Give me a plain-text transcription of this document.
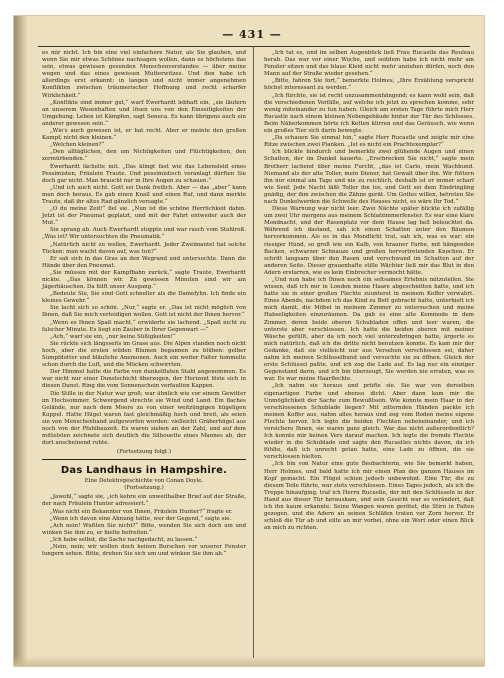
— 431 —

es mir nicht. Ich bin eine viel einfachere Natur, als Sie glauben, und wenn Sie mir etwas Schönes nachsagen wollen, dann es höchstens das sein, etwas gewissen gesunden Menschenverstandes — über meine wegen und das eines gewissen Mutterwitzes. Und den habe ich allerdings erst erkannt: in langen und nicht immer angenehmen Konflikten zwischen träumerischer Hoffnung und recht scharfer Wirklichkeit.“

„Konflikte sind immer gut,“ warf Ewerhardt lebhaft ein, „sie läutern an unserem Wesenhaften und lösen uns von den Einseitigkeiten der Umgebung. Leben ist Kämpfen, sagt Seneca. Es kann übrigens auch ein anderer gewesen sein.“

„Wie's auch gewesen ist, er hat recht. Aber er meinte den großen Kampf, nicht den kleinen.“

„Welchen kleinen?“

„Den alltäglichen, den um Nichtigkeiten und Flüchtigkeiten, den zermürbenden.“

Ewerhardt lächelte mit. „Das klingt fast wie das Lebensleid eines Pessimisten, Fräulein Traute. Und pessimistisch veranlagt dürften Sie doch gar nicht. Man braucht nur in Ihre Augen zu schauen.“

„Und ich auch nicht. Gott sei Dank freilich. Aber — das „aber“ kann man doch heraus. Es gab einen Knall und einen Ruf, und dann merkte Traute, daß ihr altes Rad gänzlich versagte.“

„O du meine Zeit!“ fiel sie. „Nun ist die schöne Herrlichkeit dahin. Jetzt ist der Pneumat geplatzt, und mit der Fahrt entweder auch der Mut.“

Sie sprang ab. Auch Ewerhardt stoppte und war rasch vom Stahlroß. „Was ist? Wir untersuchten die Pneumatik.“

„Natürlich nicht zu wollen, Ewerhardt. Jeder Zweimantel hat solche Tücken: man wacht davon auf, was tun?“

Er sah sich in das Gras an den Wegrand und untersuchte. Dann die Hände über den Pneumat.

„Sie müssen mit der Kampfbahn zurück,“ sagte Traute, Ewerhardt nickte. „Das können wir. Zu gewissen Minuten sind wir am Jägerhäuschen. Da hilft unser Ausgang.“

„Bedeute Sie, Sie sind Gott schneller als die Damefyhn. Ich finde ein kleines Gewehr.“

Sie lacht sich so schön. „Nur,“ sagte er. „Das ist nicht möglich von Ihnen, daß Sie mich verteidigen wollen. Gott ist nicht der Ihnen hervor.“

„Wenn es Ihnen Spaß macht,“ erwiderte sie lachend. „Spaß nicht zu falscher Minute. Es liegt ein Zauber in Ihrer Gegenwart —“

„Ach,“ warf sie ein, „nur keine Süßigkeiten!“

Sie rückte sich längsseits im Grase aus. Die Alpen standen noch nicht hoch, aber die ersten wilden Blumen begannen zu blühen: gelber Sumpfdotter und bläuliche Anemonen. Auch ein weiter Falter tummelte schon durch die Luft, und die Mücken schwirrten.

Der Himmel hatte die Farbe von dunkelfluten Stahl angenommen. Es war nicht nur einer Dunstschicht überzogen, der Horizont löste sich in diesen Dunst. Ring die vom Sonnenschein verfaulten Kappen.

Die Stille in der Natur war groß; war ähnlich wie vor einem Gewitter im Hochsommer. Schwergend strechte sie Wind und Land. Ein flaches Gelände, nur nach dem Moore zu von einer weitzüngigen hügeligen Kuppel. Hatte Hügel waren fast gleichmäßig hoch und breit, als seien sie von Menschenhand aufgeworfen worden: vielleicht Gräberhügel aus noch von der Pfahlbauzeit. Es waren sieben an der Zahl, und auf dem mittelsten zeichnete sich deutlich die Silhouette eines Mannes ab, der dort anscheinend ruhte.

(Fortsetzung folgt.)
Das Landhaus in Hampshire.
Eine Detektivgeschichte von Conan Doyle.
(Fortsetzung.)

„Jawohl,“ sagte sie, „ich kehre ein unweithalber Brief auf der Straße, der nach Fräulein Hunter adressiert.“

„Was nicht ein Bekannter von Ihnen, Fräulein Hunter?“ fragte er.

„Wenn ich davon eine Ahnung hätte, wer der Gegend,“ sagte sie.

„Ach nein! Wußten Sie nicht?“ Bitte, wenden Sie sich doch um und winken Sie ihm zu, er hielte befreiten.“

„Ich habe selbst, die Sache nachgedacht, zu lassen.“

„Nein, nein; wir wollen doch keinen Burschen vor unserer Fenster lungern sehen. Bitte, drehen Sie sich um und winken Sie ihm ab.“

„Ich tat es, und im selben Augenblick ließ Frau Rucastle das Rouleau herab. Das war vor einer Woche, und seitdem habe ich nicht mehr am Fenster sitzen und das blaue Kleid nicht mehr anziehen dürfen, noch den Mann auf der Straße wieder gesehen.“

„Bitte, fahren Sie fort,“ bemerkte Holmes, „Ihre Erzählung verspricht höchst interessant zu werden.“

„Ich fürchte, sie ist recht unzusammenhängend; es kann wohl sein, daß die verschiedenen Vorfälle, auf welche ich jetzt zu sprechen komme, sehr wenig miteinander zu tun haben. Gleich am ersten Tage führte mich Herr Rucastle nach einem kleinen Nebengebäude hinter der Tür des Schlosses. Beim Näherkommen hörte ich Ketten klirren und das Geräusch, wie wenn ein großes Tier sich darin bewegte.

„Da schauen Sie einmal hin,“ sagte Herr Rucastle und zeigte mir eine Ritze zwischen zwei Planken. „Ist es nicht ein Prachtexemplar?“

Ich blickte hindurch und bemerkte zwei glühende Augen und einen Schatten, der im Dunkel kauerte. „Erschrecken Sie nicht,“ sagte mein Brotherr lachend über meine Furcht, „das ist Carlo, mein Wachhund. Niemand als der alte Toller, mein Diener, hat Gewalt über ihn. Wir füttern ihn nur einmal am Tage und nie zu reichlich, deshalb ist er immer scharf wie Senf. Jede Nacht läßt Toller ihn los, und Gott sei dem Eindringling gnädig, der ihm zwischen die Zähne gerät. Um Gottes willen, betreten Sie nach Dunkelwerden die Schwelle des Hauses nicht, es wäre Ihr Tod.“

Diese Warnung war nicht leer. Zwei Nächte später blickte ich zufällig um zwei Uhr morgens aus meinem Schlafzimmerfenster. Es war eine klare Mondnacht, und der Rasenplatz vor dem Hause lag hell beleuchtet da. Während ich dastand, sah ich einen Schatten unter den Bäumen hervorkommen. Als es in das Mondlicht trat, sah ich, was es war: ein riesiger Hund, so groß wie ein Kalb, von brauner Farbe, mit hängenden Backen, schwarzer Schnauze und großen hervortretenden Knochen. Er schritt langsam über den Rasen und verschwand im Schatten auf der anderen Seite. Dieser grauenhafte stille Wächter ließ mir das Blut in den Adern erstarren, wie es kein Einbrecher vermocht hätte.

„Und nun habe ich Ihnen noch ein seltsames Erlebnis mitzuteilen. Sie wissen, daß ich mir in London meine Haare abgeschnitten hatte, und ich hatte sie in einer großen Flechte zuunterst in meinem Koffer verwahrt. Eines Abends, nachdem ich das Kind zu Bett gebracht hatte, unterhielt ich mich damit, die Möbel in meinem Zimmer zu untersuchen und meine Habseligkeiten einzuräumen. Da gab es eine alte Kommode in dem Zimmer, deren beide oberen Schubladen offen und leer waren, die unterste aber verschlossen. Ich hatte die beiden oberen mit meiner Wäsche gefüllt, aber da ich noch viel unterzubringen hatte, ärgerte es mich natürlich, daß ich die dritte nicht benutzen konnte. Es kam mir der Gedanke, daß sie vielleicht nur aus Versehen verschlossen sei, daher nahm ich meinen Schlüsselbund und versuchte sie zu öffnen. Gleich der erste Schlüssel paßte, und ich zog die Lade auf. Es lag nur ein einziger Gegenstand darin, und ich bin überzeugt, Sie werden nie erraten, was es war. Es war meine Haarflechte.

„Ich nahm sie heraus und prüfte sie. Sie war von derselben eigenartigen Farbe und ebenso dicht. Aber dann kam mir die Unmöglichkeit der Sache zum Bewußtsein. Wie konnte mein Haar in der verschlossenen Schublade liegen? Mit zitternden Händen packte ich meinen Koffer aus, nahm alles heraus und zog vom Boden meine eigene Flechte hervor. Ich legte die beiden Flechten nebeneinander, und ich versichere Ihnen, sie waren ganz gleich. War das nicht außerordentlich? Ich konnte mir keinen Vers darauf machen. Ich legte die fremde Flechte wieder in die Schublade und sagte den Rucastles nichts davon, da ich fühlte, daß ich unrecht getan hatte, eine Lade zu öffnen, die sie verschlossen hielten.

„Ich bin von Natur eine gute Beobachterin, wie Sie bemerkt haben, Herr Holmes, und bald hatte ich mir einen Plan des ganzen Hauses im Kopf gemacht. Ein Flügel schien jedoch unbewohnt. Eine Tür, die zu diesem Teile führte, war stets verschlossen. Eines Tages jedoch, als ich die Treppe hinaufging, traf ich Herrn Rucastle, der mit den Schlüsseln in der Hand aus dieser Tür herauskam, und sein Gesicht war so verändert, daß ich ihn kaum erkannte. Seine Wangen waren gerötet, die Stirn in Falten gezogen, und die Adern an seinen Schläfen traten vor Zorn hervor. Er schloß die Tür ab und eilte an mir vorbei, ohne ein Wort oder einen Blick an mich zu richten.
